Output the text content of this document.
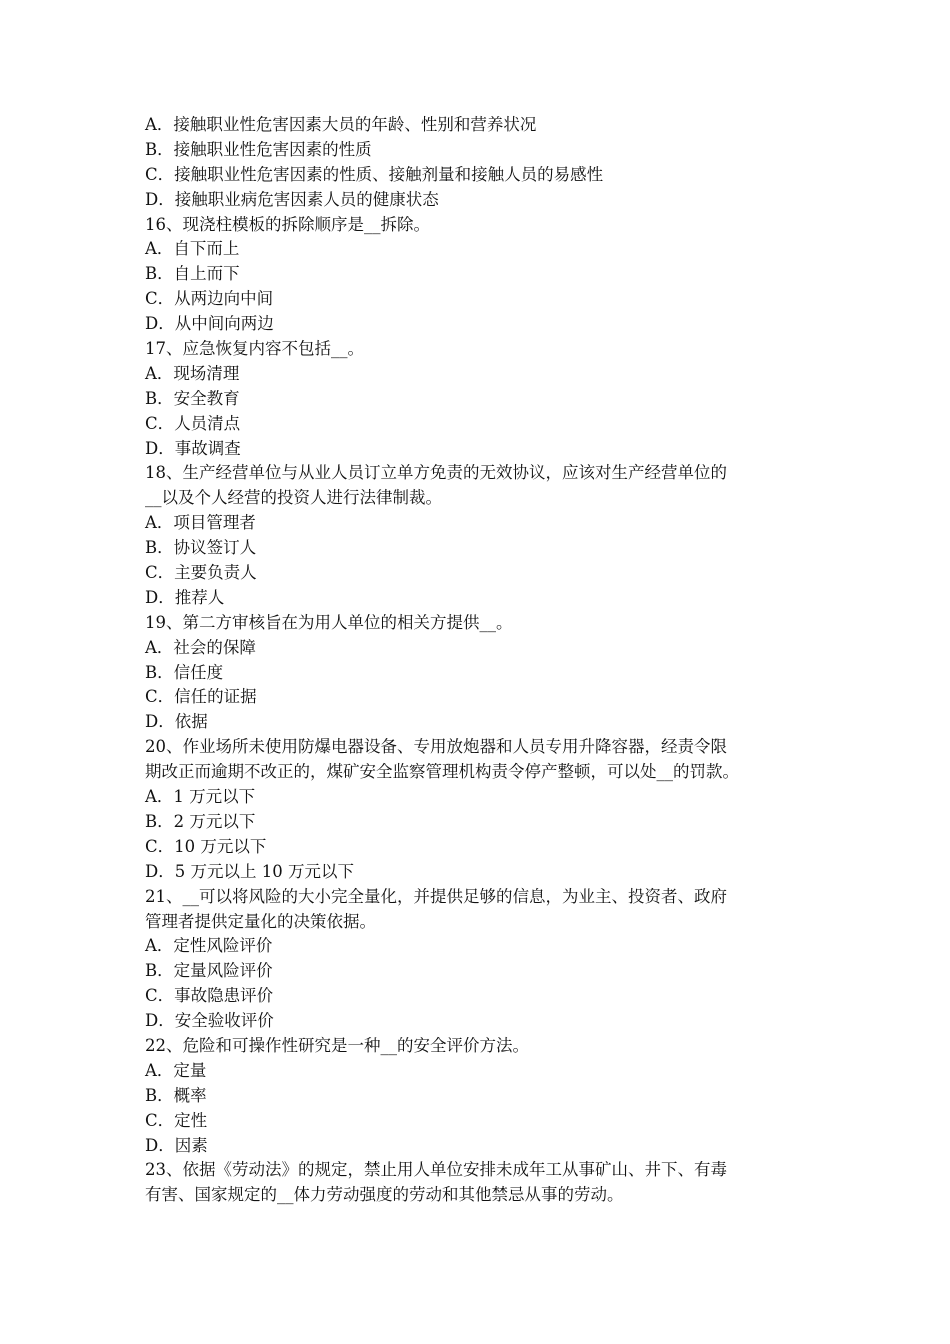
A．接触职业性危害因素大员的年龄、性别和营养状况
B．接触职业性危害因素的性质
C．接触职业性危害因素的性质、接触剂量和接触人员的易感性
D．接触职业病危害因素人员的健康状态
16、现浇柱模板的拆除顺序是__拆除。
A．自下而上
B．自上而下
C．从两边向中间
D．从中间向两边
17、应急恢复内容不包括__。
A．现场清理
B．安全教育
C．人员清点
D．事故调查
18、生产经营单位与从业人员订立单方免责的无效协议，应该对生产经营单位的
__以及个人经营的投资人进行法律制裁。
A．项目管理者
B．协议签订人
C．主要负责人
D．推荐人
19、第二方审核旨在为用人单位的相关方提供__。
A．社会的保障
B．信任度
C．信任的证据
D．依据
20、作业场所未使用防爆电器设备、专用放炮器和人员专用升降容器，经责令限
期改正而逾期不改正的，煤矿安全监察管理机构责令停产整顿，可以处__的罚款。
A．1 万元以下
B．2 万元以下
C．10 万元以下
D．5 万元以上 10 万元以下
21、__可以将风险的大小完全量化，并提供足够的信息，为业主、投资者、政府
管理者提供定量化的决策依据。
A．定性风险评价
B．定量风险评价
C．事故隐患评价
D．安全验收评价
22、危险和可操作性研究是一种__的安全评价方法。
A．定量
B．概率
C．定性
D．因素
23、依据《劳动法》的规定，禁止用人单位安排未成年工从事矿山、井下、有毒
有害、国家规定的__体力劳动强度的劳动和其他禁忌从事的劳动。
